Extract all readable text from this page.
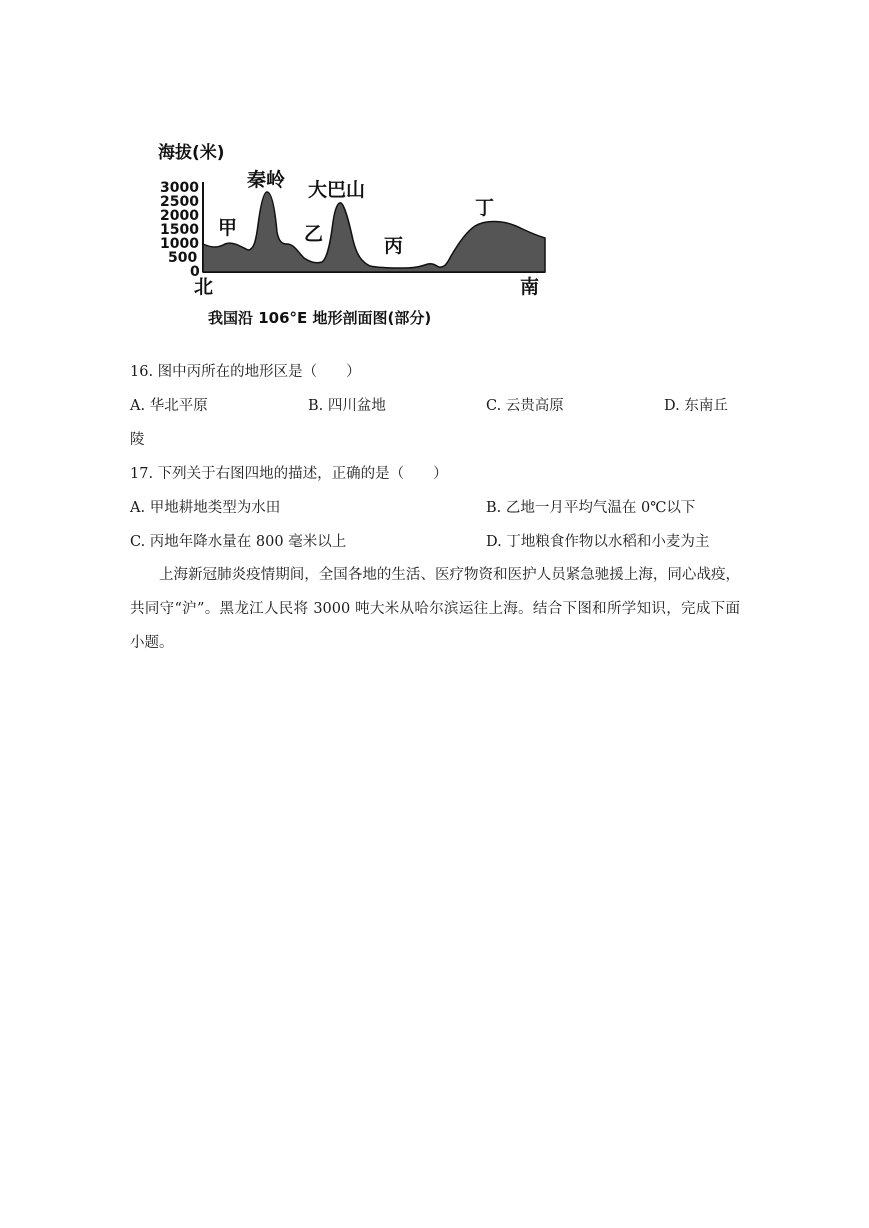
海拔(米)
3000
2500
2000
1500
1000
500
0
秦岭 大巴山
甲	乙
丙
丁
北	南
我国沿 106°E 地形剖面图(部分)
16. 图中丙所在的地形区是（　　）
A. 华北平原	B. 四川盆地	C. 云贵高原	D. 东南丘
陵
17. 下列关于右图四地的描述，正确的是（　　）
A. 甲地耕地类型为水田	B. 乙地一月平均气温在 0℃以下
C. 丙地年降水量在 800 毫米以上	D. 丁地粮食作物以水稻和小麦为主
上海新冠肺炎疫情期间，全国各地的生活、医疗物资和医护人员紧急驰援上海，同心战疫，共同守“沪”。黑龙江人民将 3000 吨大米从哈尔滨运往上海。结合下图和所学知识，完成下面小题。
